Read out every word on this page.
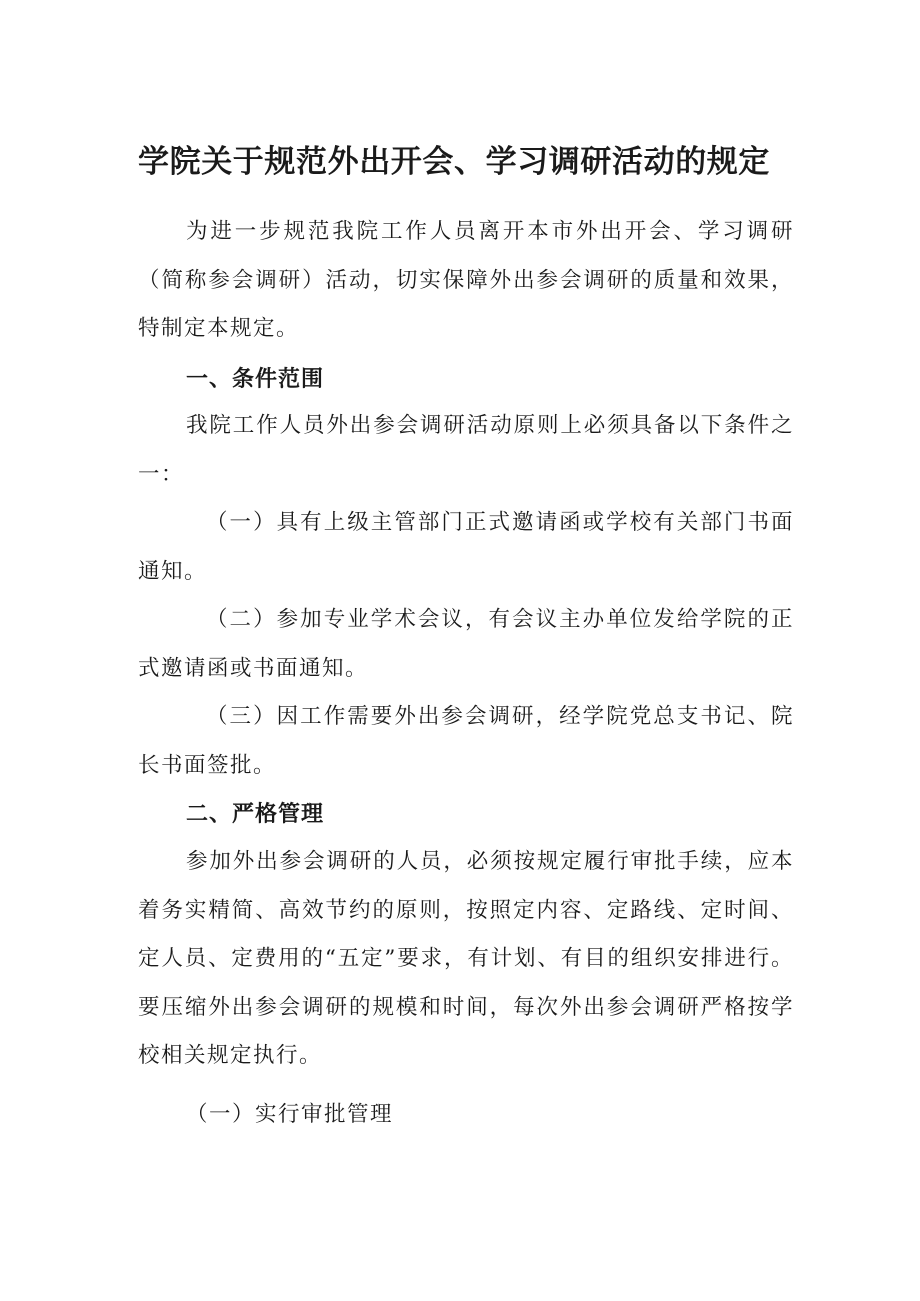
学院关于规范外出开会、学习调研活动的规定

为进一步规范我院工作人员离开本市外出开会、学习调研（简称参会调研）活动，切实保障外出参会调研的质量和效果，特制定本规定。

一、条件范围

我院工作人员外出参会调研活动原则上必须具备以下条件之一：

（一）具有上级主管部门正式邀请函或学校有关部门书面通知。

（二）参加专业学术会议，有会议主办单位发给学院的正式邀请函或书面通知。

（三）因工作需要外出参会调研，经学院党总支书记、院长书面签批。

二、严格管理

参加外出参会调研的人员，必须按规定履行审批手续，应本着务实精简、高效节约的原则，按照定内容、定路线、定时间、定人员、定费用的“五定”要求，有计划、有目的组织安排进行。要压缩外出参会调研的规模和时间，每次外出参会调研严格按学校相关规定执行。

（一）实行审批管理
